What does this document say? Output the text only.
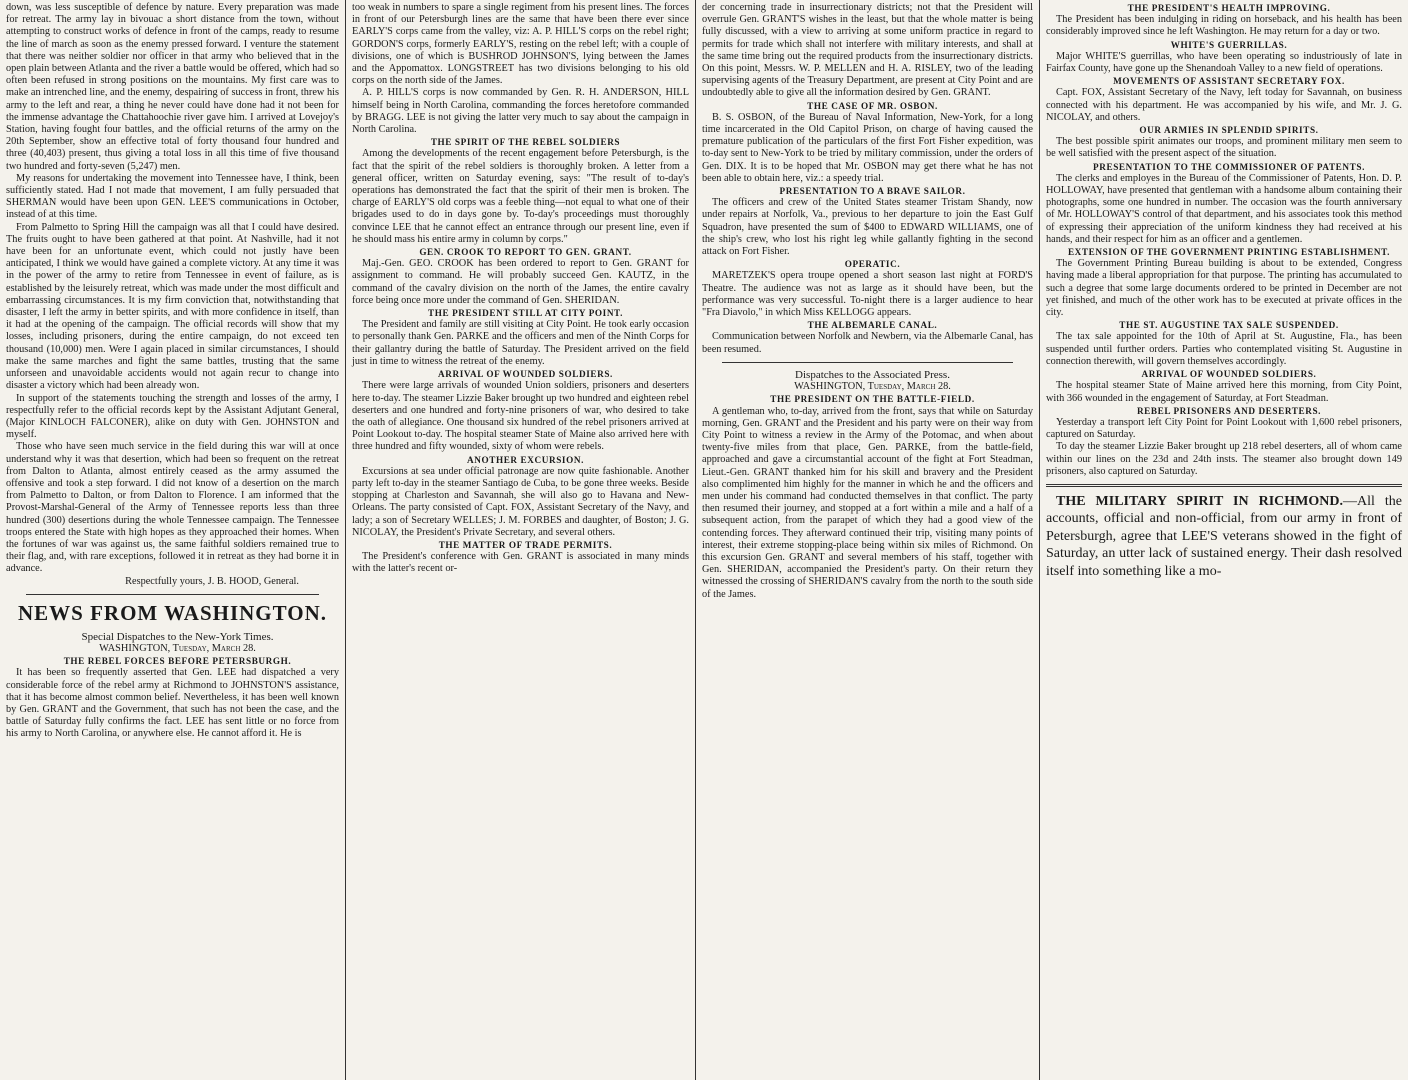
down, was less susceptible of defence by nature. Every preparation was made for retreat. The army lay in bivouac a short distance from the town, without attempting to construct works of defence in front of the camps, ready to resume the line of march as soon as the enemy pressed forward. I venture the statement that there was neither soldier nor officer in that army who believed that in the open plain between Atlanta and the river a battle would be offered, which had so often been refused in strong positions on the mountains. My first care was to make an intrenched line, and the enemy, despairing of success in front, threw his army to the left and rear, a thing he never could have done had it not been for the immense advantage the Chattahoochie river gave him. I arrived at Lovejoy's Station, having fought four battles, and the official returns of the army on the 20th September, show an effective total of forty thousand four hundred and three (40,403) present, thus giving a total loss in all this time of five thousand two hundred and forty-seven (5,247) men.

My reasons for undertaking the movement into Tennessee have, I think, been sufficiently stated. Had I not made that movement, I am fully persuaded that SHERMAN would have been upon GEN. LEE'S communications in October, instead of at this time.

From Palmetto to Spring Hill the campaign was all that I could have desired. The fruits ought to have been gathered at that point. At Nashville, had it not have been for an unfortunate event, which could not justly have been anticipated, I think we would have gained a complete victory. At any time it was in the power of the army to retire from Tennessee in event of failure, as is established by the leisurely retreat, which was made under the most difficult and embarrassing circumstances. It is my firm conviction that, notwithstanding that disaster, I left the army in better spirits, and with more confidence in itself, than it had at the opening of the campaign. The official records will show that my losses, including prisoners, during the entire campaign, do not exceed ten thousand (10,000) men. Were I again placed in similar circumstances, I should make the same marches and fight the same battles, trusting that the same unforseen and unavoidable accidents would not again recur to change into disaster a victory which had been already won.

In support of the statements touching the strength and losses of the army, I respectfully refer to the official records kept by the Assistant Adjutant General, (Major KINLOCH FALCONER), alike on duty with Gen. JOHNSTON and myself.

Those who have seen much service in the field during this war will at once understand why it was that desertion, which had been so frequent on the retreat from Dalton to Atlanta, almost entirely ceased as the army assumed the offensive and took a step forward. I did not know of a desertion on the march from Palmetto to Dalton, or from Dalton to Florence. I am informed that the Provost-Marshal-General of the Army of Tennessee reports less than three hundred (300) desertions during the whole Tennessee campaign. The Tennessee troops entered the State with high hopes as they approached their homes. When the fortunes of war was against us, the same faithful soldiers remained true to their flag, and, with rare exceptions, followed it in retreat as they had borne it in advance.

Respectfully yours, J. B. HOOD, General.

NEWS FROM WASHINGTON.

Special Dispatches to the New-York Times.

WASHINGTON, Tuesday, March 28.

THE REBEL FORCES BEFORE PETERSBURGH.

It has been so frequently asserted that Gen. LEE had dispatched a very considerable force of the rebel army at Richmond to JOHNSTON'S assistance, that it has become almost common belief. Nevertheless, it has been well known by Gen. GRANT and the Government, that such has not been the case, and the battle of Saturday fully confirms the fact. LEE has sent little or no force from his army to North Carolina, or anywhere else. He cannot afford it. He is

too weak in numbers to spare a single regiment from his present lines. The forces in front of our Petersburgh lines are the same that have been there ever since EARLY'S corps came from the valley, viz: A. P. HILL'S corps on the rebel right; GORDON'S corps, formerly EARLY'S, resting on the rebel left; with a couple of divisions, one of which is BUSHROD JOHNSON'S, lying between the James and the Appomattox. LONGSTREET has two divisions belonging to his old corps on the north side of the James.

A. P. HILL'S corps is now commanded by Gen. R. H. ANDERSON, HILL himself being in North Carolina, commanding the forces heretofore commanded by BRAGG. LEE is not giving the latter very much to say about the campaign in North Carolina.

THE SPIRIT OF THE REBEL SOLDIERS

Among the developments of the recent engagement before Petersburgh, is the fact that the spirit of the rebel soldiers is thoroughly broken. A letter from a general officer, written on Saturday evening, says: "The result of to-day's operations has demonstrated the fact that the spirit of their men is broken. The charge of EARLY'S old corps was a feeble thing—not equal to what one of their brigades used to do in days gone by. To-day's proceedings must thoroughly convince LEE that he cannot effect an entrance through our present line, even if he should mass his entire army in column by corps."

GEN. CROOK TO REPORT TO GEN. GRANT.

Maj.-Gen. GEO. CROOK has been ordered to report to Gen. GRANT for assignment to command. He will probably succeed Gen. KAUTZ, in the command of the cavalry division on the north of the James, the entire cavalry force being once more under the command of Gen. SHERIDAN.

THE PRESIDENT STILL AT CITY POINT.

The President and family are still visiting at City Point. He took early occasion to personally thank Gen. PARKE and the officers and men of the Ninth Corps for their gallantry during the battle of Saturday. The President arrived on the field just in time to witness the retreat of the enemy.

ARRIVAL OF WOUNDED SOLDIERS.

There were large arrivals of wounded Union soldiers, prisoners and deserters here to-day. The steamer Lizzie Baker brought up two hundred and eighteen rebel deserters and one hundred and forty-nine prisoners of war, who desired to take the oath of allegiance. One thousand six hundred of the rebel prisoners arrived at Point Lookout to-day. The hospital steamer State of Maine also arrived here with three hundred and fifty wounded, sixty of whom were rebels.

ANOTHER EXCURSION.

Excursions at sea under official patronage are now quite fashionable. Another party left to-day in the steamer Santiago de Cuba, to be gone three weeks. Beside stopping at Charleston and Savannah, she will also go to Havana and New-Orleans. The party consisted of Capt. FOX, Assistant Secretary of the Navy, and lady; a son of Secretary WELLES; J. M. FORBES and daughter, of Boston; J. G. NICOLAY, the President's Private Secretary, and several others.

THE MATTER OF TRADE PERMITS.

The President's conference with Gen. GRANT is associated in many minds with the latter's recent or-

der concerning trade in insurrectionary districts; not that the President will overrule Gen. GRANT'S wishes in the least, but that the whole matter is being fully discussed, with a view to arriving at some uniform practice in regard to permits for trade which shall not interfere with military interests, and shall at the same time bring out the required products from the insurrectionary districts. On this point, Messrs. W. P. MELLEN and H. A. RISLEY, two of the leading supervising agents of the Treasury Department, are present at City Point and are undoubtedly able to give all the information desired by Gen. GRANT.

THE CASE OF MR. OSBON.

B. S. OSBON, of the Bureau of Naval Information, New-York, for a long time incarcerated in the Old Capitol Prison, on charge of having caused the premature publication of the particulars of the first Fort Fisher expedition, was to-day sent to New-York to be tried by military commission, under the orders of Gen. DIX. It is to be hoped that Mr. OSBON may get there what he has not been able to obtain here, viz.: a speedy trial.

PRESENTATION TO A BRAVE SAILOR.

The officers and crew of the United States steamer Tristam Shandy, now under repairs at Norfolk, Va., previous to her departure to join the East Gulf Squadron, have presented the sum of $400 to EDWARD WILLIAMS, one of the ship's crew, who lost his right leg while gallantly fighting in the second attack on Fort Fisher.

OPERATIC.

MARETZEK'S opera troupe opened a short season last night at FORD'S Theatre. The audience was not as large as it should have been, but the performance was very successful. To-night there is a larger audience to hear "Fra Diavolo," in which Miss KELLOGG appears.

THE ALBEMARLE CANAL.

Communication between Norfolk and Newbern, via the Albemarle Canal, has been resumed.

Dispatches to the Associated Press.

WASHINGTON, Tuesday, March 28.

THE PRESIDENT ON THE BATTLE-FIELD.

A gentleman who, to-day, arrived from the front, says that while on Saturday morning, Gen. GRANT and the President and his party were on their way from City Point to witness a review in the Army of the Potomac, and when about twenty-five miles from that place, Gen. PARKE, from the battle-field, approached and gave a circumstantial account of the fight at Fort Steadman, Lieut.-Gen. GRANT thanked him for his skill and bravery and the President also complimented him highly for the manner in which he and the officers and men under his command had conducted themselves in that conflict. The party then resumed their journey, and stopped at a fort within a mile and a half of a subsequent action, from the parapet of which they had a good view of the contending forces. They afterward continued their trip, visiting many points of interest, their extreme stopping-place being within six miles of Richmond. On this excursion Gen. GRANT and several members of his staff, together with Gen. SHERIDAN, accompanied the President's party. On their return they witnessed the crossing of SHERIDAN'S cavalry from the north to the south side of the James.

THE PRESIDENT'S HEALTH IMPROVING.

The President has been indulging in riding on horseback, and his health has been considerably improved since he left Washington. He may return for a day or two.

WHITE'S GUERRILLAS.

Major WHITE'S guerrillas, who have been operating so industriously of late in Fairfax County, have gone up the Shenandoah Valley to a new field of operations.

MOVEMENTS OF ASSISTANT SECRETARY FOX.

Capt. FOX, Assistant Secretary of the Navy, left today for Savannah, on business connected with his department. He was accompanied by his wife, and Mr. J. G. NICOLAY, and others.

OUR ARMIES IN SPLENDID SPIRITS.

The best possible spirit animates our troops, and prominent military men seem to be well satisfied with the present aspect of the situation.

PRESENTATION TO THE COMMISSIONER OF PATENTS.

The clerks and employes in the Bureau of the Commissioner of Patents, Hon. D. P. HOLLOWAY, have presented that gentleman with a handsome album containing their photographs, some one hundred in number. The occasion was the fourth anniversary of Mr. HOLLOWAY'S control of that department, and his associates took this method of expressing their appreciation of the uniform kindness they had received at his hands, and their respect for him as an officer and a gentlemen.

EXTENSION OF THE GOVERNMENT PRINTING ESTABLISHMENT.

The Government Printing Bureau building is about to be extended, Congress having made a liberal appropriation for that purpose. The printing has accumulated to such a degree that some large documents ordered to be printed in December are not yet finished, and much of the other work has to be executed at private offices in the city.

THE ST. AUGUSTINE TAX SALE SUSPENDED.

The tax sale appointed for the 10th of April at St. Augustine, Fla., has been suspended until further orders. Parties who contemplated visiting St. Augustine in connection therewith, will govern themselves accordingly.

ARRIVAL OF WOUNDED SOLDIERS.

The hospital steamer State of Maine arrived here this morning, from City Point, with 366 wounded in the engagement of Saturday, at Fort Steadman.

REBEL PRISONERS AND DESERTERS.

Yesterday a transport left City Point for Point Lookout with 1,600 rebel prisoners, captured on Saturday.

To day the steamer Lizzie Baker brought up 218 rebel deserters, all of whom came within our lines on the 23d and 24th insts. The steamer also brought down 149 prisoners, also captured on Saturday.

THE MILITARY SPIRIT IN RICHMOND.—All the accounts, official and non-official, from our army in front of Petersburgh, agree that LEE'S veterans showed in the fight of Saturday, an utter lack of sustained energy. Their dash resolved itself into something like a mo-
